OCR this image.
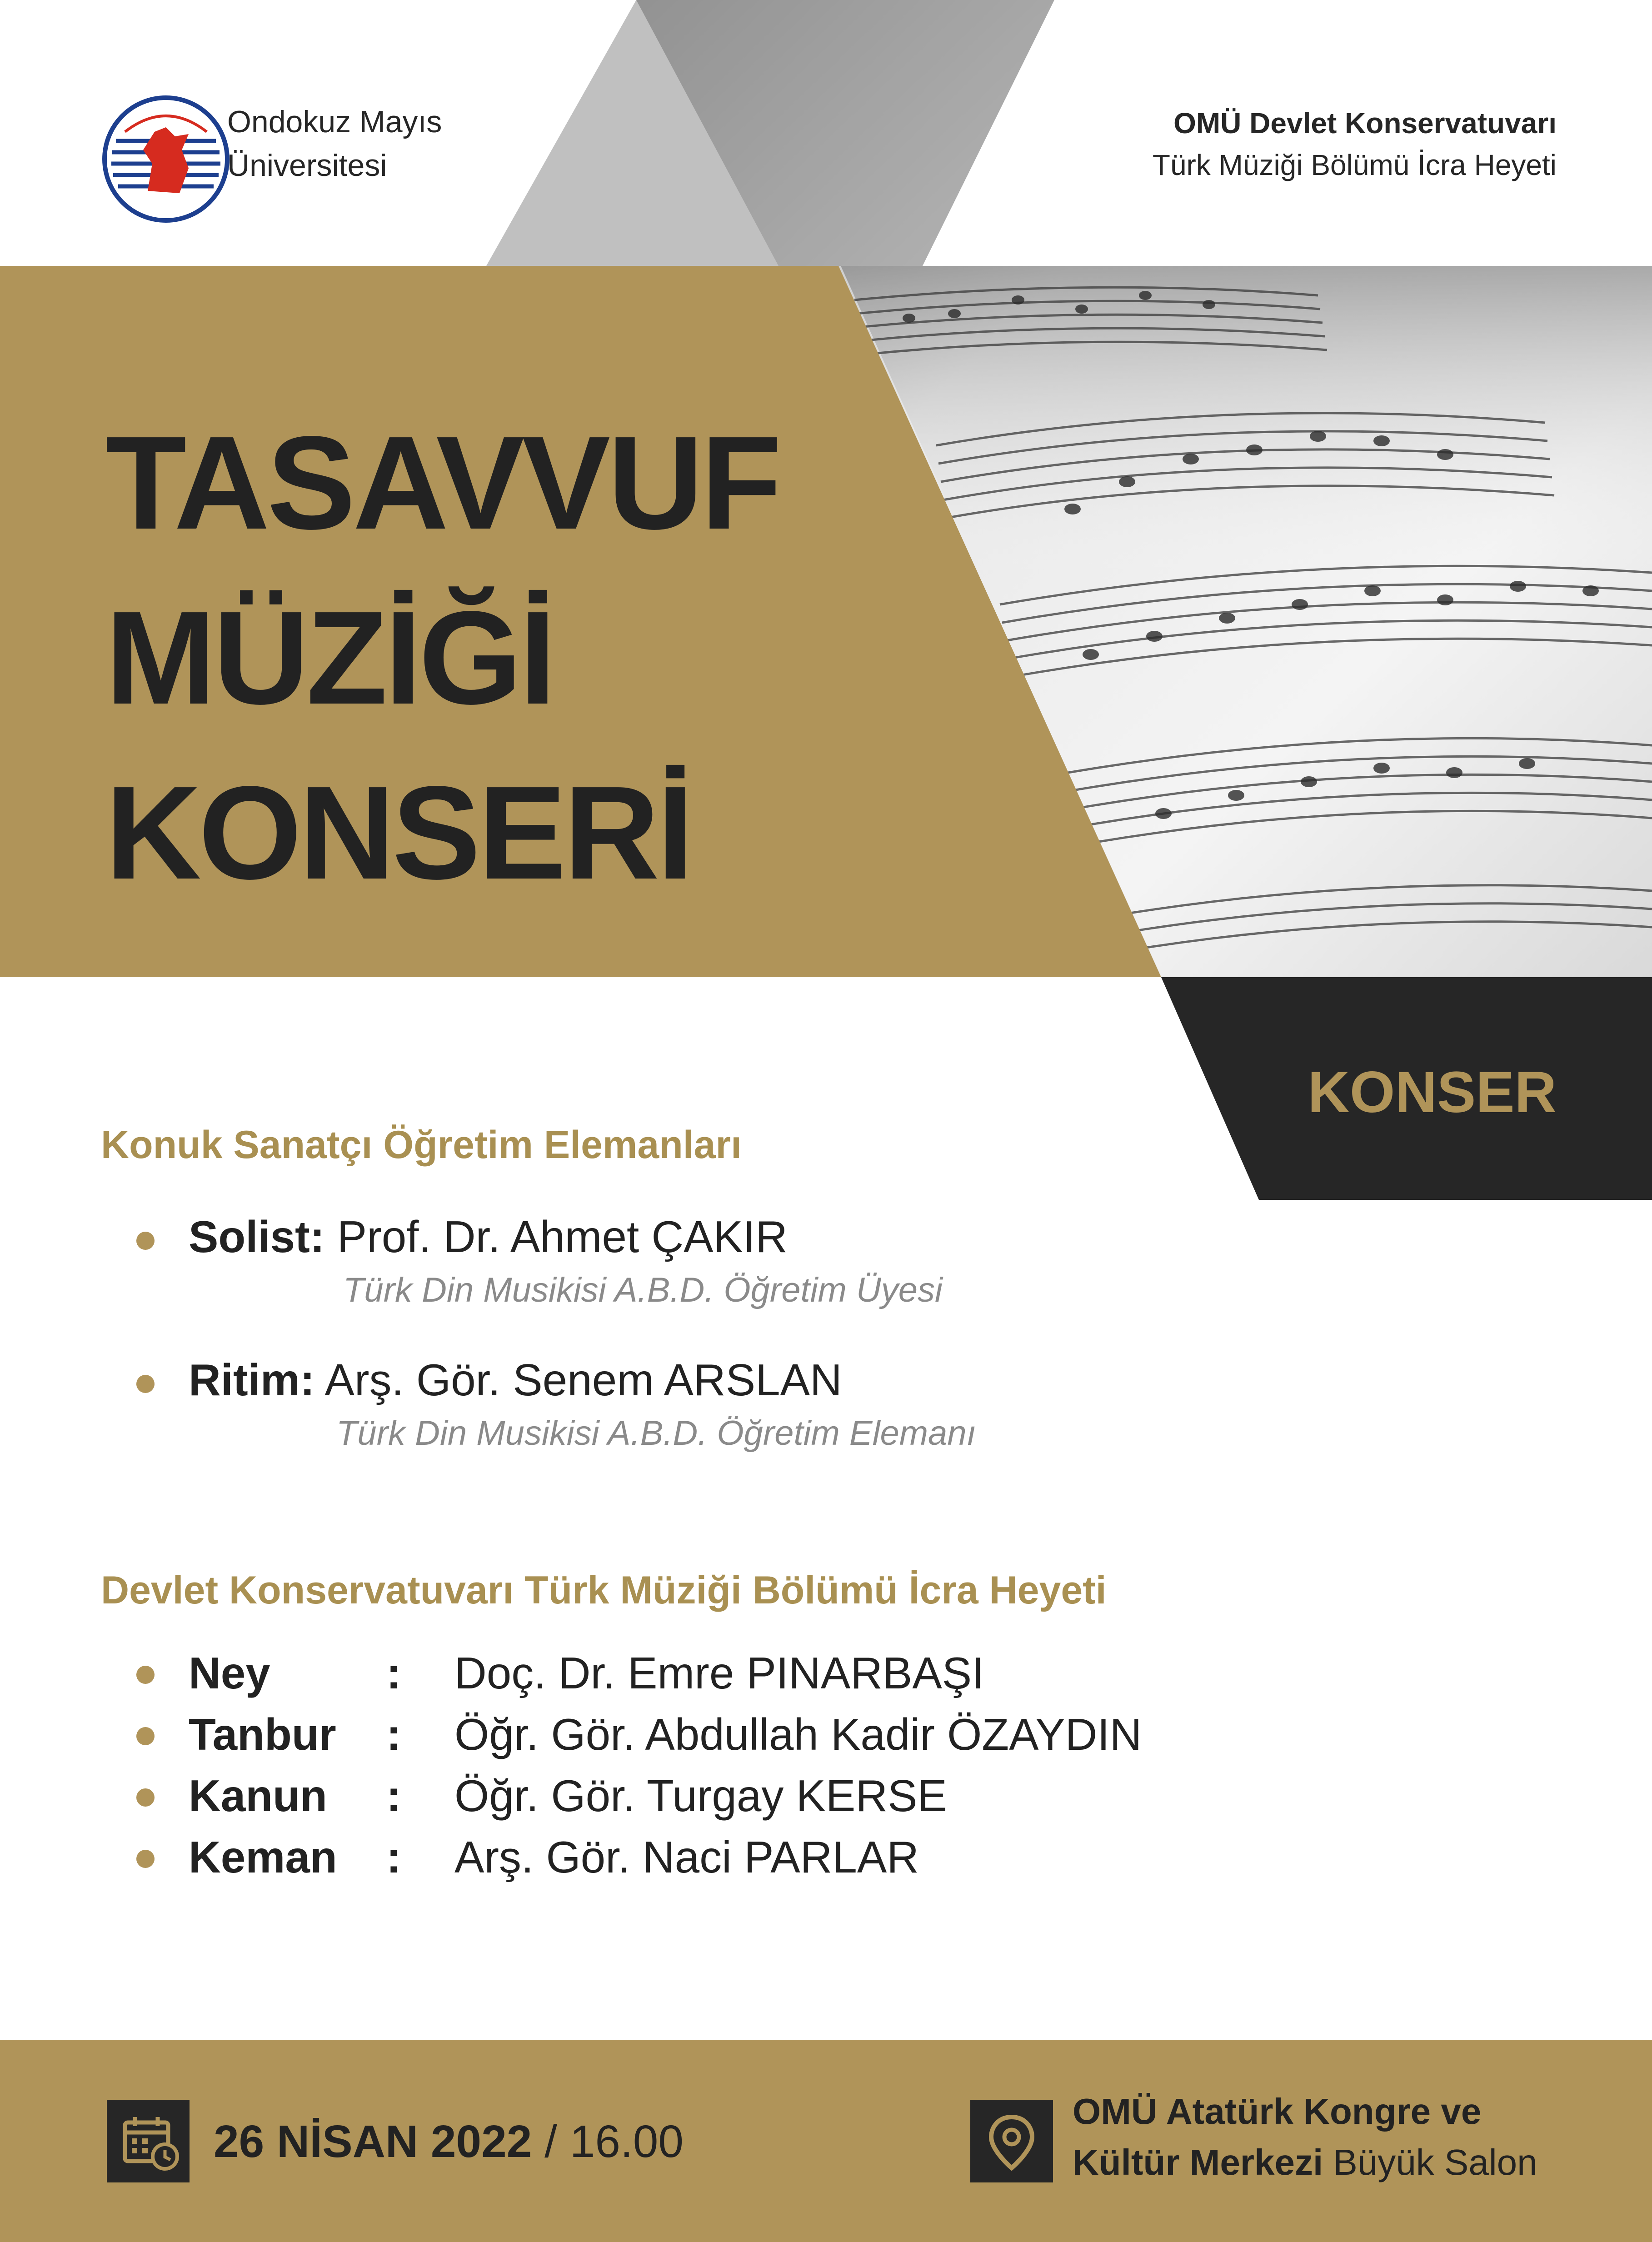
TASAVVUF
MÜZİĞİ
KONSERİ
Ondokuz Mayıs
Üniversitesi
OMÜ Devlet Konservatuvarı
Türk Müziği Bölümü İcra Heyeti
KONSER
Konuk Sanatçı Öğretim Elemanları
Solist: Prof. Dr. Ahmet ÇAKIR
Türk Din Musikisi A.B.D. Öğretim Üyesi
Ritim: Arş. Gör. Senem ARSLAN
Türk Din Musikisi A.B.D. Öğretim Elemanı
Devlet Konservatuvarı Türk Müziği Bölümü İcra Heyeti
Ney	: Doç. Dr. Emre PINARBAŞI
Tanbur : Öğr. Gör. Abdullah Kadir ÖZAYDIN
Kanun : Öğr. Gör. Turgay KERSE
Keman : Arş. Gör. Naci PARLAR
26 NİSAN 2022 / 16.00
OMÜ Atatürk Kongre ve
Kültür Merkezi Büyük Salon
